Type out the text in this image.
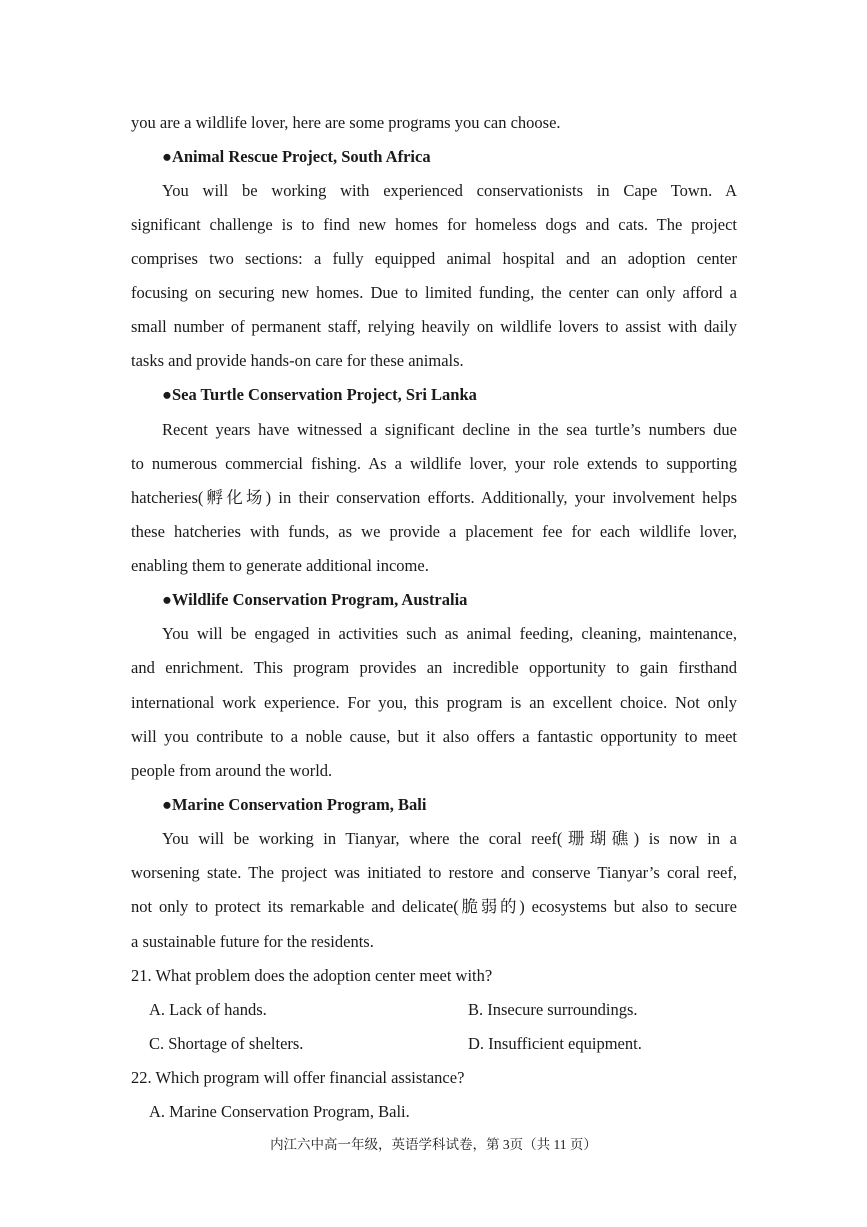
you are a wildlife lover, here are some programs you can choose.
●Animal Rescue Project, South Africa
You will be working with experienced conservationists in Cape Town. A
significant challenge is to find new homes for homeless dogs and cats. The project
comprises two sections: a fully equipped animal hospital and an adoption center
focusing on securing new homes. Due to limited funding, the center can only afford a
small number of permanent staff, relying heavily on wildlife lovers to assist with daily
tasks and provide hands-on care for these animals.
●Sea Turtle Conservation Project, Sri Lanka
Recent years have witnessed a significant decline in the sea turtle’s numbers due
to numerous commercial fishing. As a wildlife lover, your role extends to supporting
hatcheries(孵化场) in their conservation efforts. Additionally, your involvement helps
these hatcheries with funds, as we provide a placement fee for each wildlife lover,
enabling them to generate additional income.
●Wildlife Conservation Program, Australia
You will be engaged in activities such as animal feeding, cleaning, maintenance,
and enrichment. This program provides an incredible opportunity to gain firsthand
international work experience. For you, this program is an excellent choice. Not only
will you contribute to a noble cause, but it also offers a fantastic opportunity to meet
people from around the world.
●Marine Conservation Program, Bali
You will be working in Tianyar, where the coral reef(珊瑚礁) is now in a
worsening state. The project was initiated to restore and conserve Tianyar’s coral reef,
not only to protect its remarkable and delicate(脆弱的) ecosystems but also to secure
a sustainable future for the residents.
21. What problem does the adoption center meet with?
A. Lack of hands.	B. Insecure surroundings.
C. Shortage of shelters.	D. Insufficient equipment.
22. Which program will offer financial assistance?
A. Marine Conservation Program, Bali.
内江六中高一年级，英语学科试卷，第 3页（共 11 页）
